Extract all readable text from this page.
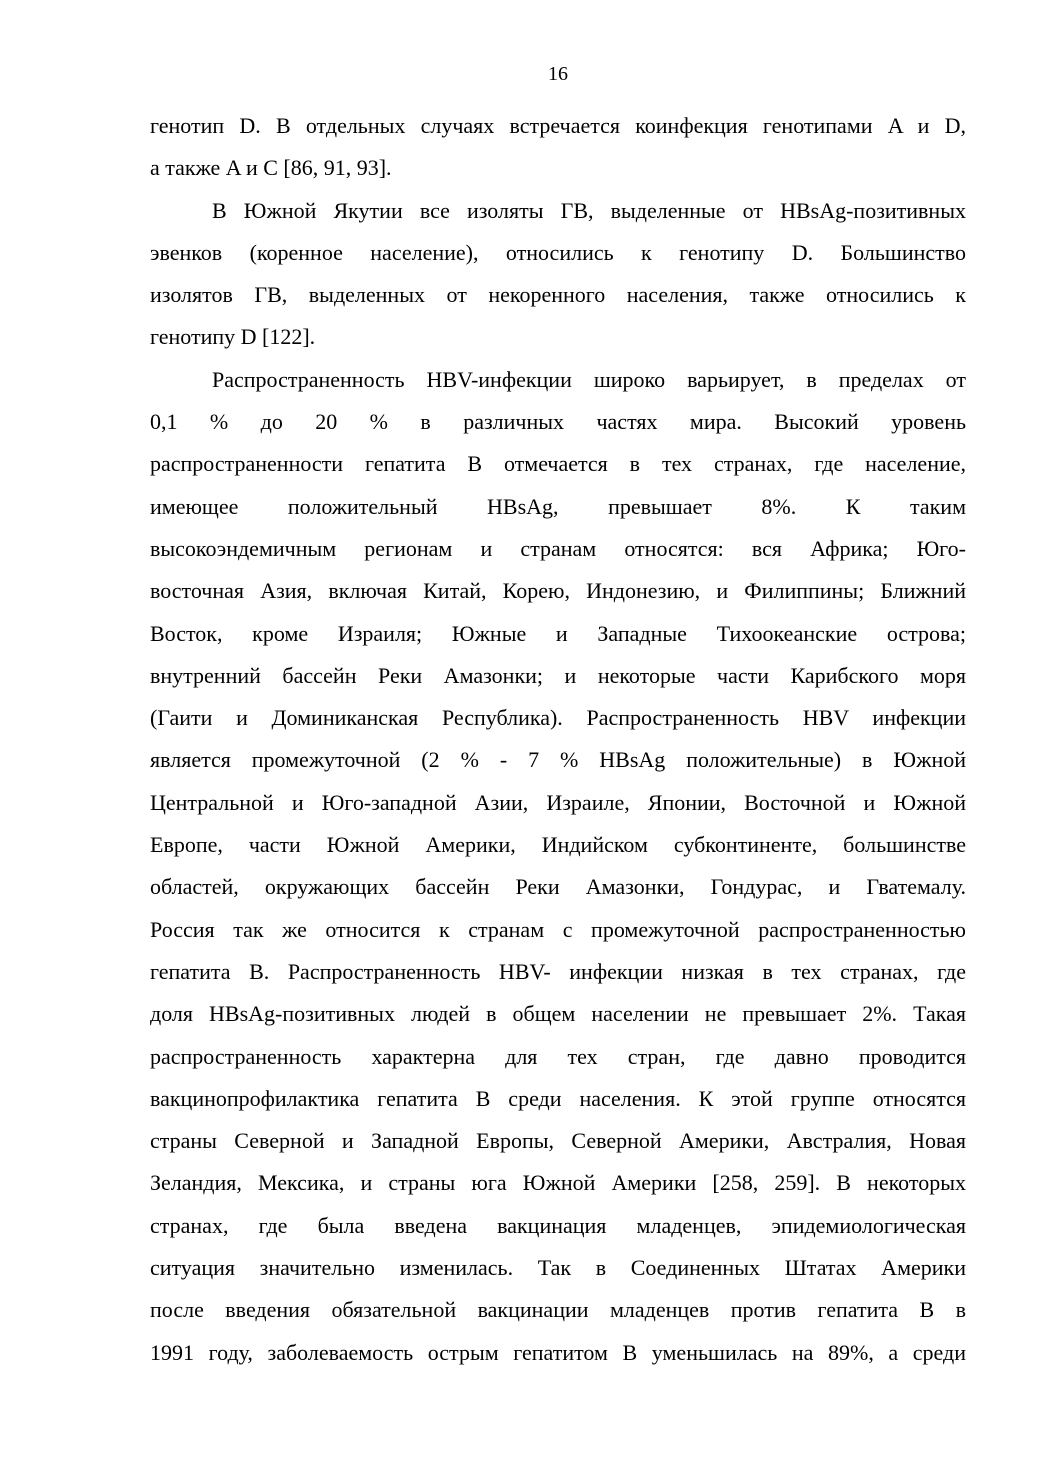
16
генотип D. В отдельных случаях встречается коинфекция генотипами A и D,
а также A и C [86, 91, 93].
В Южной Якутии все изоляты ГВ, выделенные от HBsAg-позитивных
эвенков (коренное население), относились к генотипу D. Большинство
изолятов ГВ, выделенных от некоренного населения, также относились к
генотипу D [122].
Распространенность HBV-инфекции широко варьирует, в пределах от
0,1 % до 20 % в различных частях мира. Высокий уровень
распространенности гепатита В отмечается в тех странах, где население,
имеющее положительный HBsAg, превышает 8%. К таким
высокоэндемичным регионам и странам относятся: вся Африка; Юго-
восточная Азия, включая Китай, Корею, Индонезию, и Филиппины; Ближний
Восток, кроме Израиля; Южные и Западные Тихоокеанские острова;
внутренний бассейн Реки Амазонки; и некоторые части Карибского моря
(Гаити и Доминиканская Республика). Распространенность HBV инфекции
является промежуточной (2 % - 7 % HBsAg положительные) в Южной
Центральной и Юго-западной Азии, Израиле, Японии, Восточной и Южной
Европе, части Южной Америки, Индийском субконтиненте, большинстве
областей, окружающих бассейн Реки Амазонки, Гондурас, и Гватемалу.
Россия так же относится к странам с промежуточной распространенностью
гепатита В. Распространенность HBV- инфекции низкая в тех странах, где
доля HBsAg-позитивных людей в общем населении не превышает 2%. Такая
распространенность характерна для тех стран, где давно проводится
вакцинопрофилактика гепатита В среди населения. К этой группе относятся
страны Северной и Западной Европы, Северной Америки, Австралия, Новая
Зеландия, Мексика, и страны юга Южной Америки [258, 259]. В некоторых
странах, где была введена вакцинация младенцев, эпидемиологическая
ситуация значительно изменилась. Так в Соединенных Штатах Америки
после введения обязательной вакцинации младенцев против гепатита В в
1991 году, заболеваемость острым гепатитом В уменьшилась на 89%, а среди
